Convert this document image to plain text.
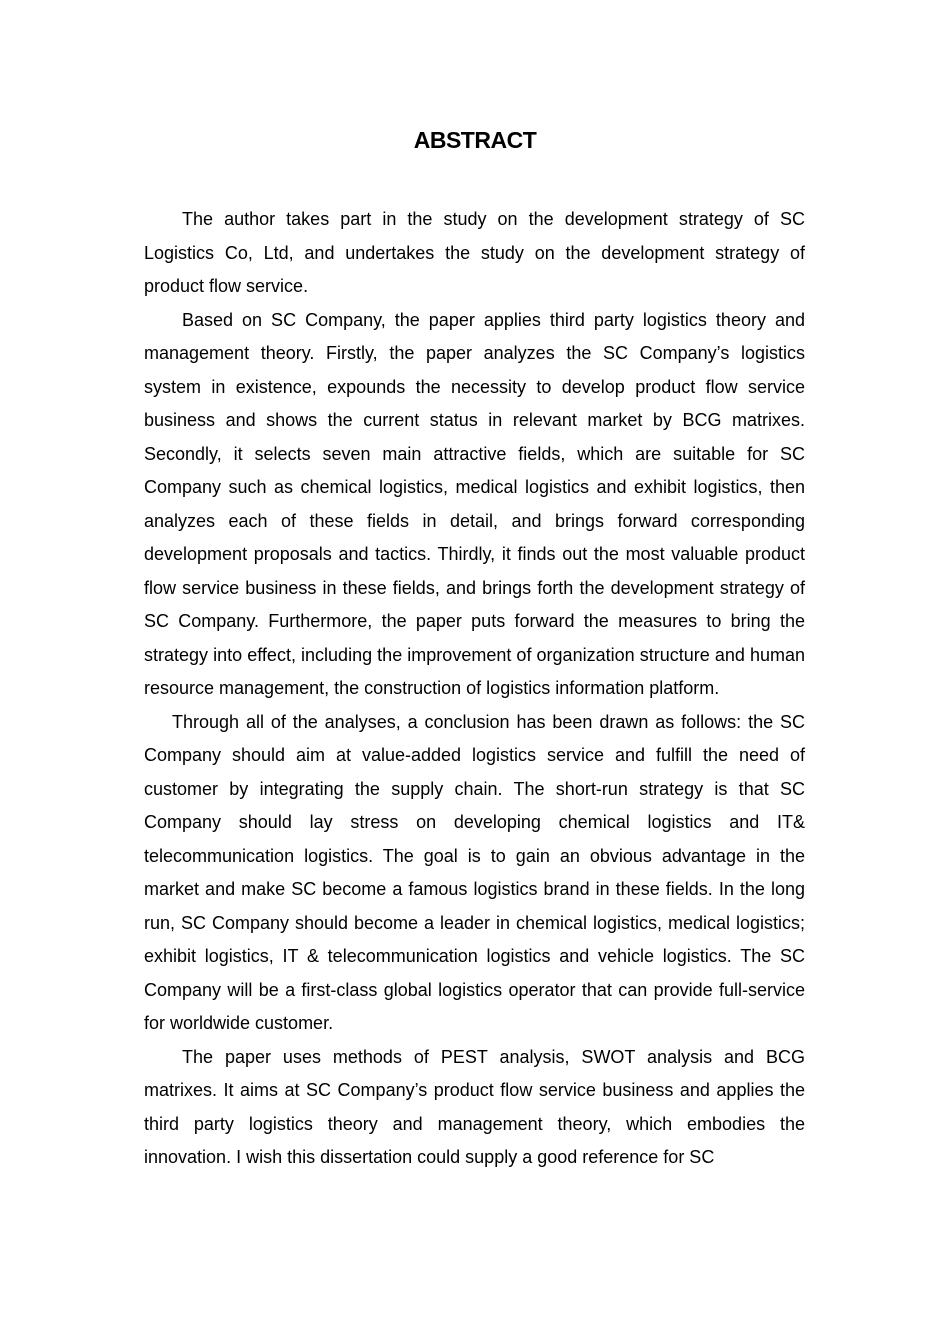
ABSTRACT

The author takes part in the study on the development strategy of SC Logistics Co, Ltd, and undertakes the study on the development strategy of product flow service.

Based on SC Company, the paper applies third party logistics theory and management theory. Firstly, the paper analyzes the SC Company’s logistics system in existence, expounds the necessity to develop product flow service business and shows the current status in relevant market by BCG matrixes. Secondly, it selects seven main attractive fields, which are suitable for SC Company such as chemical logistics, medical logistics and exhibit logistics, then analyzes each of these fields in detail, and brings forward corresponding development proposals and tactics. Thirdly, it finds out the most valuable product flow service business in these fields, and brings forth the development strategy of SC Company. Furthermore, the paper puts forward the measures to bring the strategy into effect, including the improvement of organization structure and human resource management, the construction of logistics information platform.

Through all of the analyses, a conclusion has been drawn as follows: the SC Company should aim at value-added logistics service and fulfill the need of customer by integrating the supply chain. The short-run strategy is that SC Company should lay stress on developing chemical logistics and IT& telecommunication logistics. The goal is to gain an obvious advantage in the market and make SC become a famous logistics brand in these fields. In the long run, SC Company should become a leader in chemical logistics, medical logistics; exhibit logistics, IT & telecommunication logistics and vehicle logistics. The SC Company will be a first-class global logistics operator that can provide full-service for worldwide customer.

The paper uses methods of PEST analysis, SWOT analysis and BCG matrixes. It aims at SC Company’s product flow service business and applies the third party logistics theory and management theory, which embodies the innovation. I wish this dissertation could supply a good reference for SC
